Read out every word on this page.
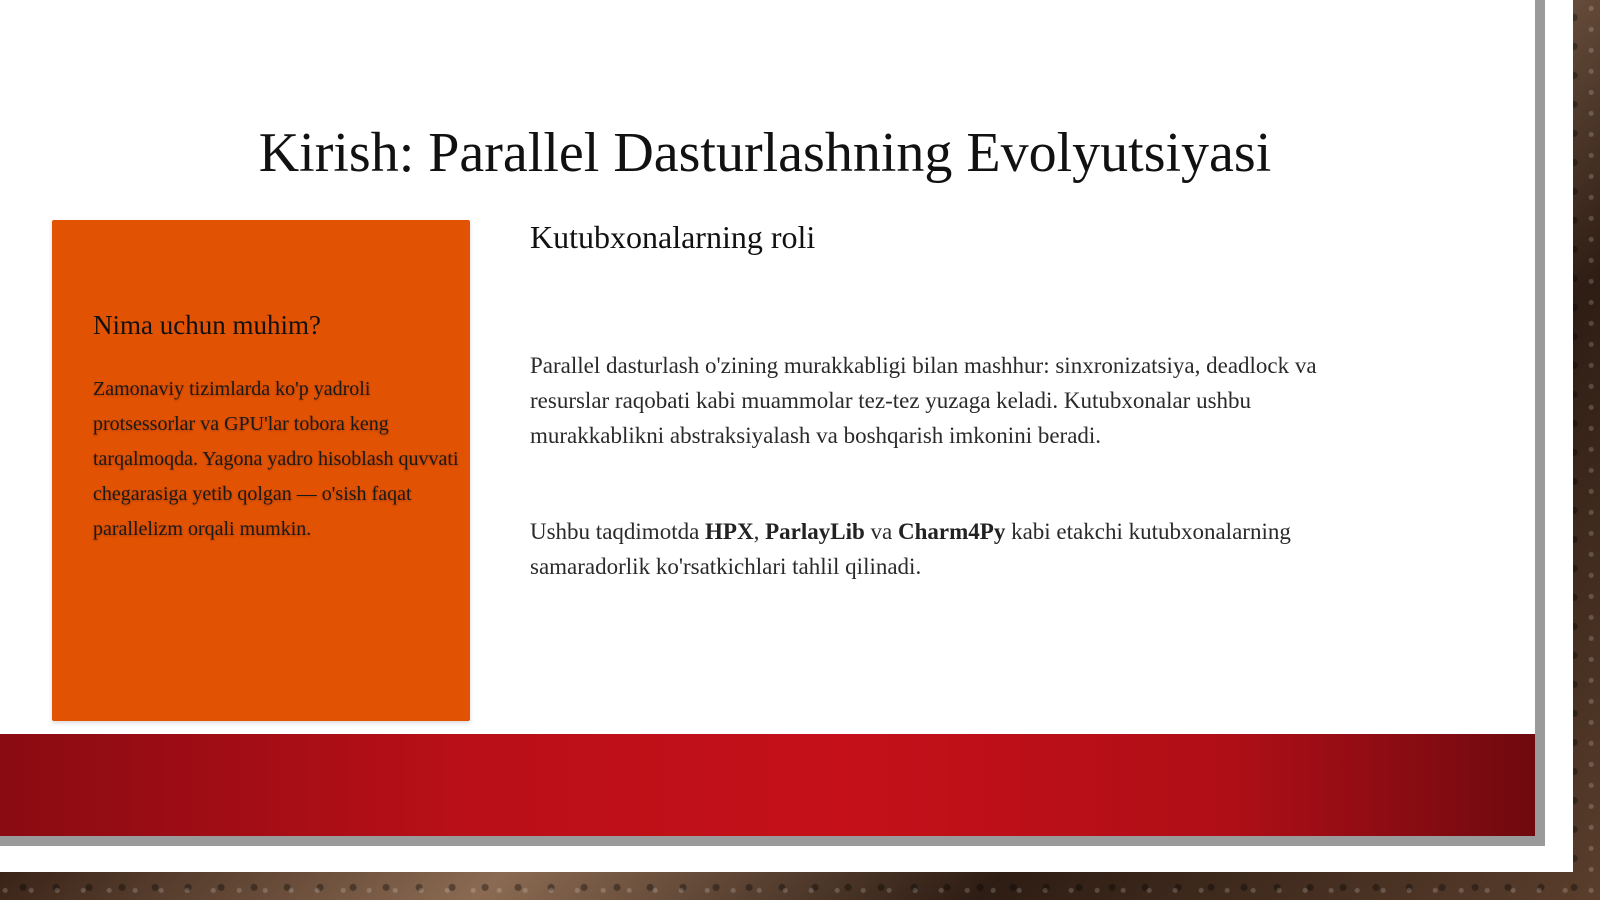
Kirish: Parallel Dasturlashning Evolyutsiyasi
Nima uchun muhim?

Zamonaviy tizimlarda ko'p yadroli protsessorlar va GPU'lar tobora keng tarqalmoqda. Yagona yadro hisoblash quvvati chegarasiga yetib qolgan — o'sish faqat parallelizm orqali mumkin.

Kutubxonalarning roli

Parallel dasturlash o'zining murakkabligi bilan mashhur: sinxronizatsiya, deadlock va resurslar raqobati kabi muammolar tez-tez yuzaga keladi. Kutubxonalar ushbu murakkablikni abstraksiyalash va boshqarish imkonini beradi.

Ushbu taqdimotda HPX, ParlayLib va Charm4Py kabi etakchi kutubxonalarning samaradorlik ko'rsatkichlari tahlil qilinadi.
